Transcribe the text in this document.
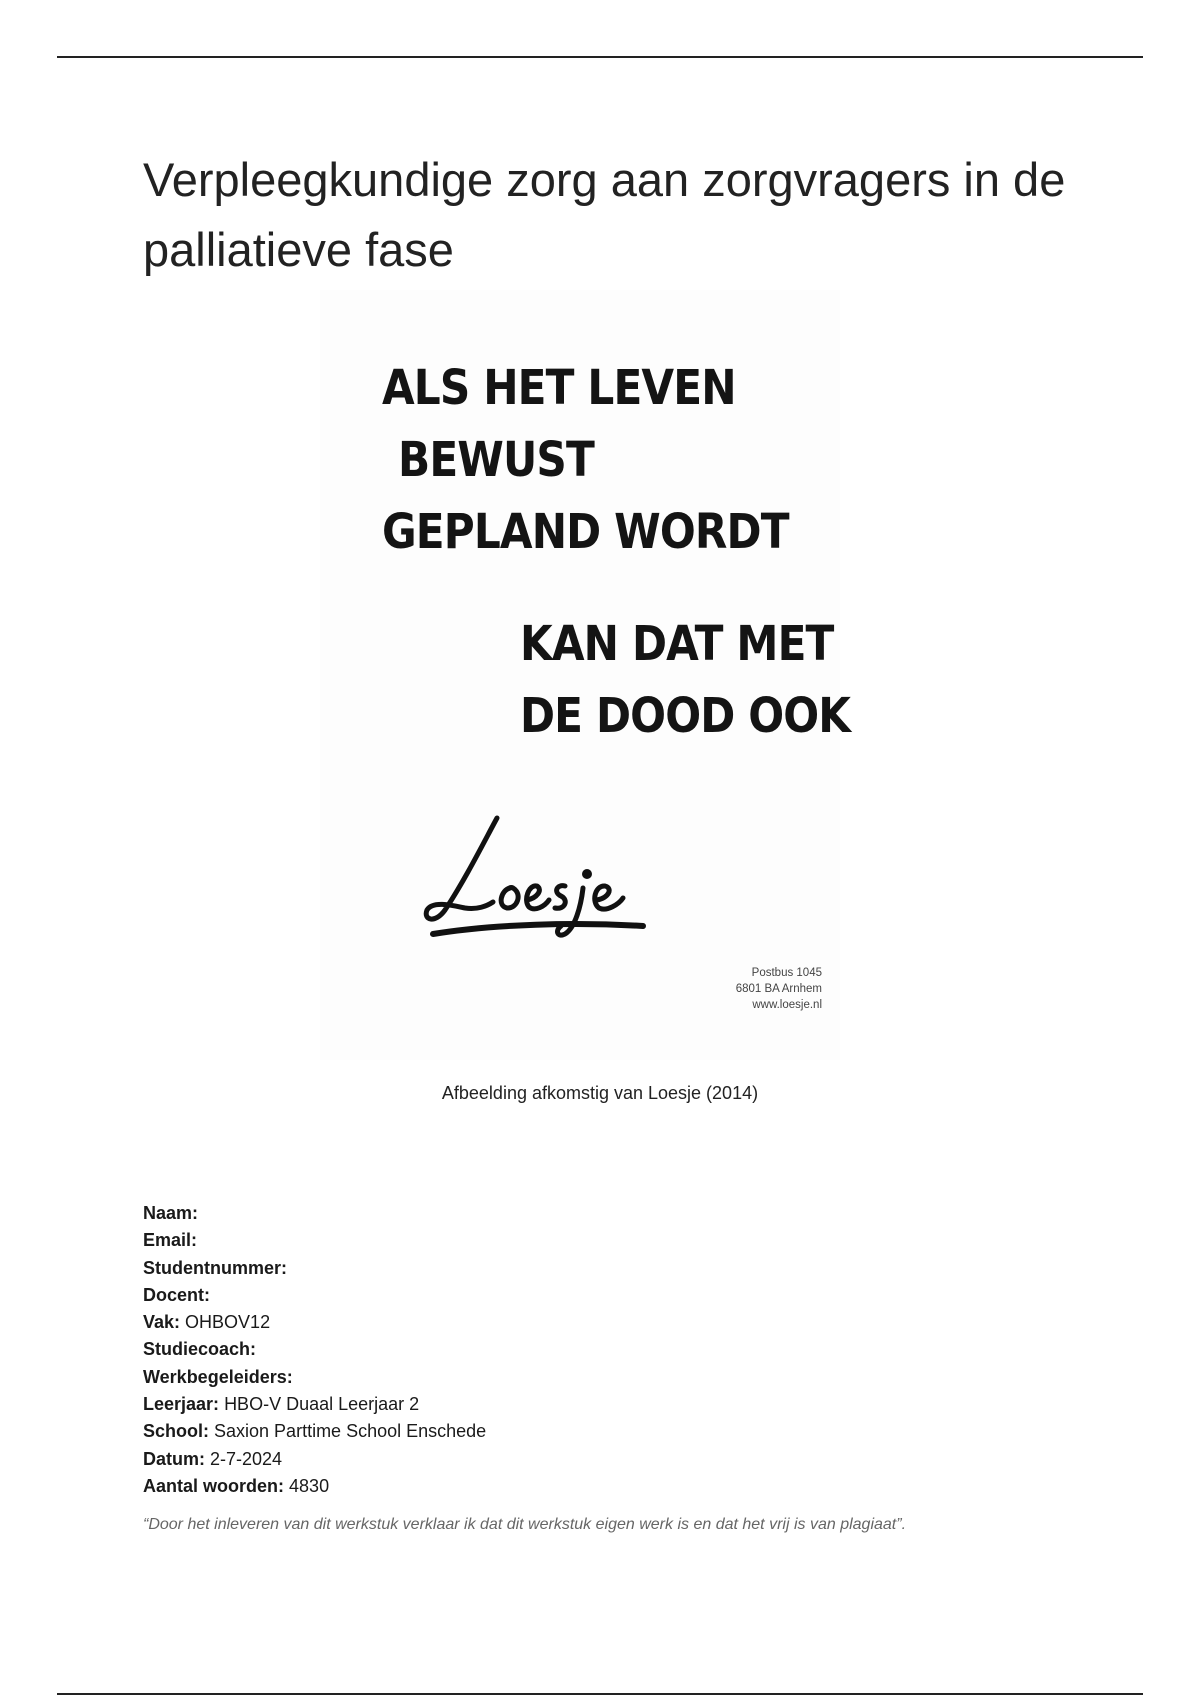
Verpleegkundige zorg aan zorgvragers in de palliatieve fase

ALS HET LEVEN

BEWUST

GEPLAND WORDT

KAN DAT MET

DE DOOD OOK

Postbus 1045
6801 BA Arnhem
www.loesje.nl
Afbeelding afkomstig van Loesje (2014)
Naam:
Email:
Studentnummer:
Docent:
Vak: OHBOV12
Studiecoach:
Werkbegeleiders:
Leerjaar: HBO-V Duaal Leerjaar 2
School: Saxion Parttime School Enschede
Datum: 2-7-2024
Aantal woorden: 4830
“Door het inleveren van dit werkstuk verklaar ik dat dit werkstuk eigen werk is en dat het vrij is van plagiaat”.
